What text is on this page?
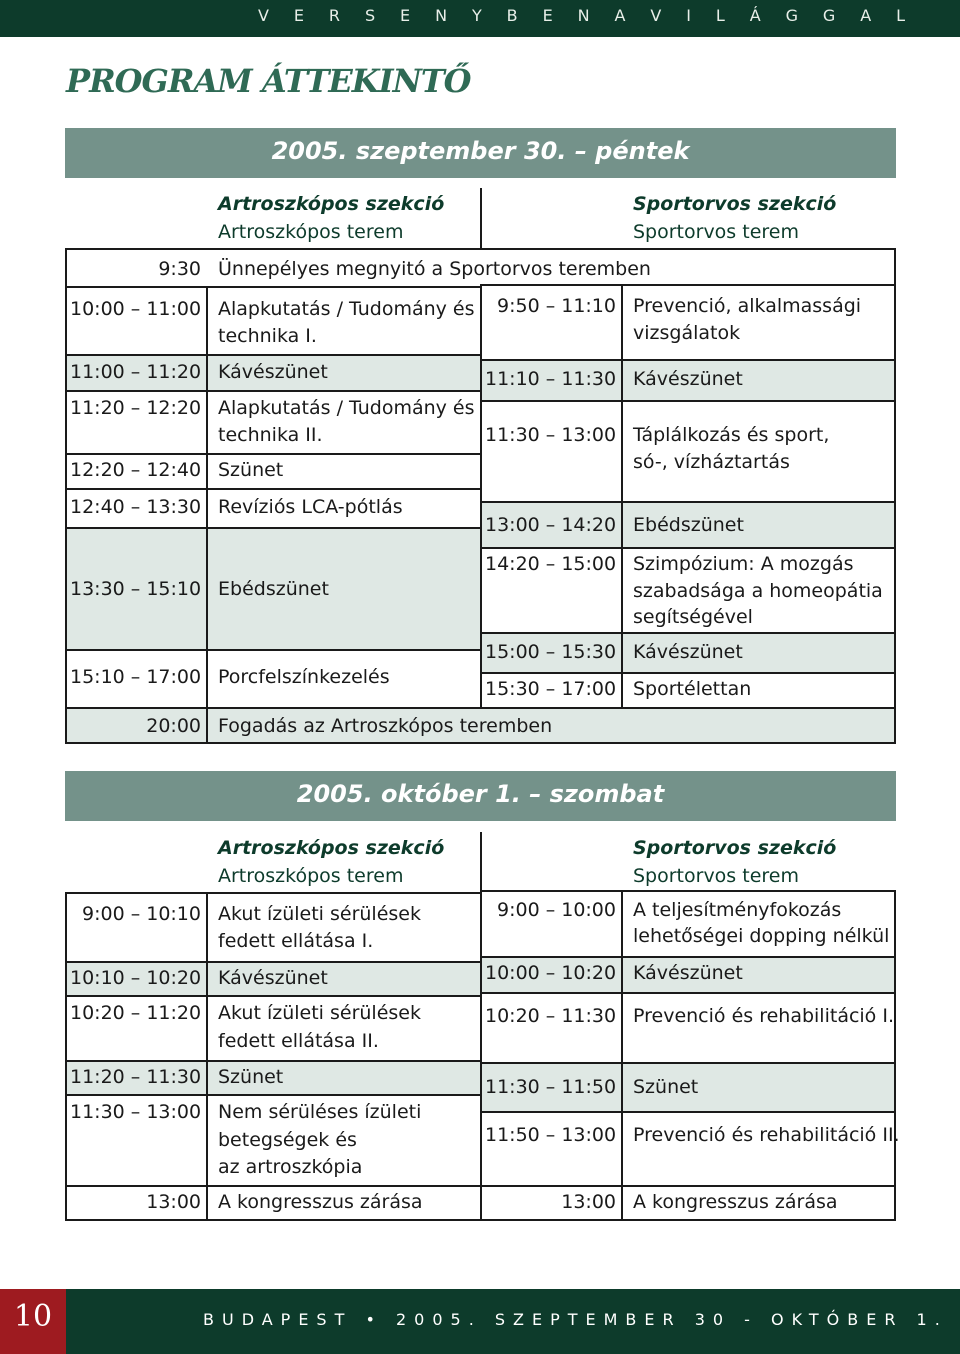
V E R S E N Y B E N A V I L Á G G A L
PROGRAM ÁTTEKINTŐ
2005. szeptember 30. – péntek
Artroszkópos szekció
Artroszkópos terem
Sportorvos szekció
Sportorvos terem
9:30 Ünnepélyes megnyitó a Sportorvos teremben
10:00 – 11:00 Alapkutatás / Tudomány és
technika I.
11:00 – 11:20 Kávészünet
11:20 – 12:20 Alapkutatás / Tudomány és
technika II.
12:20 – 12:40 Szünet
12:40 – 13:30 Revíziós LCA-pótlás
13:30 – 15:10 Ebédszünet
15:10 – 17:00 Porcfelszínkezelés
9:50 – 11:10 Prevenció, alkalmassági
vizsgálatok
11:10 – 11:30 Kávészünet
11:30 – 13:00 Táplálkozás és sport,
só-, vízháztartás
13:00 – 14:20 Ebédszünet
14:20 – 15:00 Szimpózium: A mozgás
szabadsága a homeopátia
segítségével
15:00 – 15:30 Kávészünet
15:30 – 17:00 Sportélettan
20:00 Fogadás az Artroszkópos teremben
2005. október 1. – szombat
Artroszkópos szekció
Artroszkópos terem
Sportorvos szekció
Sportorvos terem
9:00 – 10:10 Akut ízületi sérülések
fedett ellátása I.
10:10 – 10:20 Kávészünet
10:20 – 11:20 Akut ízületi sérülések
fedett ellátása II.
11:20 – 11:30 Szünet
11:30 – 13:00 Nem sérüléses ízületi
betegségek és
az artroszkópia
13:00 A kongresszus zárása
9:00 – 10:00 A teljesítményfokozás
lehetőségei dopping nélkül
10:00 – 10:20 Kávészünet
10:20 – 11:30 Prevenció és rehabilitáció I.
11:30 – 11:50 Szünet
11:50 – 13:00 Prevenció és rehabilitáció II.
13:00 A kongresszus zárása
10	BUDAPEST • 2005. SZEPTEMBER 30 - OKTÓBER 1.
